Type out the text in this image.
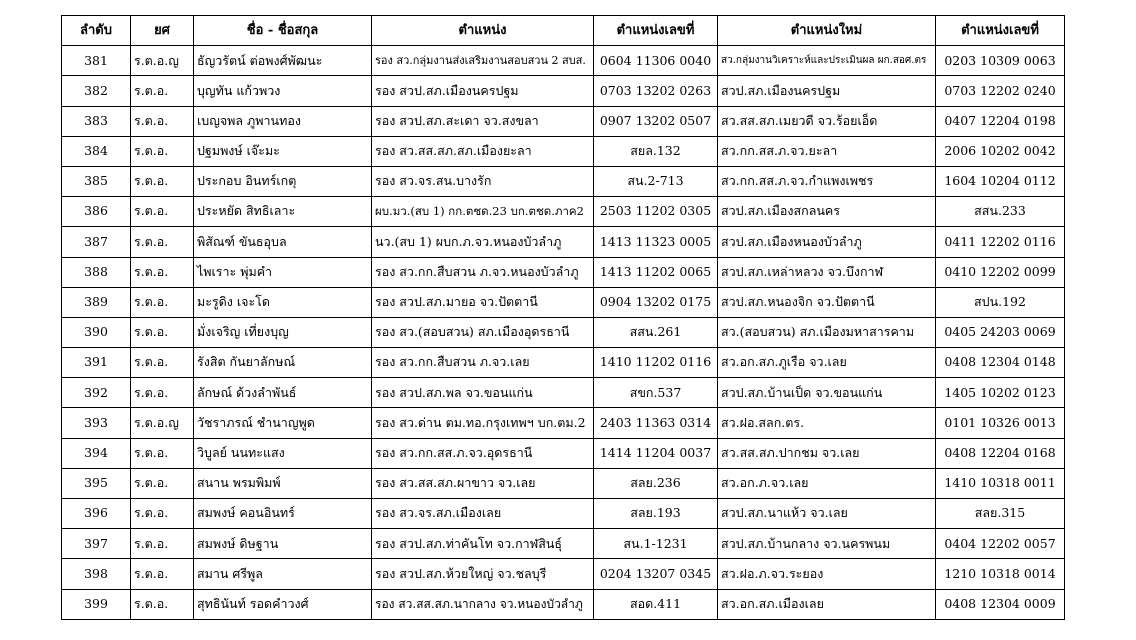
ลำดับ	ยศ	ชื่อ - ชื่อสกุล	ตำแหน่ง	ตำแหน่งเลขที่	ตำแหน่งใหม่	ตำแหน่งเลขที่
381	ร.ต.อ.ญ	ธัญวรัตน์ ต่อพงศ์พัฒนะ	รอง สว.กลุ่มงานส่งเสริมงานสอบสวน 2 สบส.	0604 11306 0040	สว.กลุ่มงานวิเคราะห์และประเมินผล ผก.สอศ.ตร	0203 10309 0063
382	ร.ต.อ.	บุญทัน แก้วพวง	รอง สวป.สภ.เมืองนครปฐม	0703 13202 0263	สวป.สภ.เมืองนครปฐม	0703 12202 0240
383	ร.ต.อ.	เบญจพล ภูพานทอง	รอง สวป.สภ.สะเดา จว.สงขลา	0907 13202 0507	สว.สส.สภ.เมยวดี จว.ร้อยเอ็ด	0407 12204 0198
384	ร.ต.อ.	ปฐมพงษ์ เจ๊ะมะ	รอง สว.สส.สภ.สภ.เมืองยะลา	สยล.132	สว.กก.สส.ภ.จว.ยะลา	2006 10202 0042
385	ร.ต.อ.	ประกอบ อินทร์เกตุ	รอง สว.จร.สน.บางรัก	สน.2-713	สว.กก.สส.ภ.จว.กำแพงเพชร	1604 10204 0112
386	ร.ต.อ.	ประหยัด สิทธิเลาะ	ผบ.มว.(สบ 1) กก.ตชด.23 บก.ตชด.ภาค2	2503 11202 0305	สวป.สภ.เมืองสกลนคร	สสน.233
387	ร.ต.อ.	พิสัณฑ์ ขันธอุบล	นว.(สบ 1) ผบก.ภ.จว.หนองบัวลำภู	1413 11323 0005	สวป.สภ.เมืองหนองบัวลำภู	0411 12202 0116
388	ร.ต.อ.	ไพเราะ พุ่มคำ	รอง สว.กก.สืบสวน ภ.จว.หนองบัวลำภู	1413 11202 0065	สวป.สภ.เหล่าหลวง จว.บึงกาฬ	0410 12202 0099
389	ร.ต.อ.	มะรูดิง เจะโด	รอง สวป.สภ.มายอ จว.ปัตตานี	0904 13202 0175	สวป.สภ.หนองจิก จว.ปัตตานี	สปน.192
390	ร.ต.อ.	มั่งเจริญ เที่ยงบุญ	รอง สว.(สอบสวน) สภ.เมืองอุดรธานี	สสน.261	สว.(สอบสวน) สภ.เมืองมหาสารคาม	0405 24203 0069
391	ร.ต.อ.	รังสิต กันยาลักษณ์	รอง สว.กก.สืบสวน ภ.จว.เลย	1410 11202 0116	สว.อก.สภ.ภูเรือ จว.เลย	0408 12304 0148
392	ร.ต.อ.	ลักษณ์ ด้วงลำพันธ์	รอง สวป.สภ.พล จว.ขอนแก่น	สขก.537	สวป.สภ.บ้านเป็ด จว.ขอนแก่น	1405 10202 0123
393	ร.ต.อ.ญ	วัชราภรณ์ ชำนาญพูด	รอง สว.ด่าน ตม.ทอ.กรุงเทพฯ บก.ตม.2	2403 11363 0314	สว.ฝอ.สลก.ตร.	0101 10326 0013
394	ร.ต.อ.	วิบูลย์ นนทะแสง	รอง สว.กก.สส.ภ.จว.อุดรธานี	1414 11204 0037	สว.สส.สภ.ปากชม จว.เลย	0408 12204 0168
395	ร.ต.อ.	สนาน พรมพิมพ์	รอง สว.สส.สภ.ผาขาว จว.เลย	สลย.236	สว.อก.ภ.จว.เลย	1410 10318 0011
396	ร.ต.อ.	สมพงษ์ คอนอินทร์	รอง สว.จร.สภ.เมืองเลย	สลย.193	สวป.สภ.นาแห้ว จว.เลย	สลย.315
397	ร.ต.อ.	สมพงษ์ ดิษฐาน	รอง สวป.สภ.ท่าคันโท จว.กาฬสินธุ์	สน.1-1231	สวป.สภ.บ้านกลาง จว.นครพนม	0404 12202 0057
398	ร.ต.อ.	สมาน ศรีพูล	รอง สวป.สภ.ห้วยใหญ่ จว.ชลบุรี	0204 13207 0345	สว.ฝอ.ภ.จว.ระยอง	1210 10318 0014
399	ร.ต.อ.	สุทธินันท์ รอดคำวงศ์	รอง สว.สส.สภ.นากลาง จว.หนองบัวลำภู	สอด.411	สว.อก.สภ.เมืองเลย	0408 12304 0009
